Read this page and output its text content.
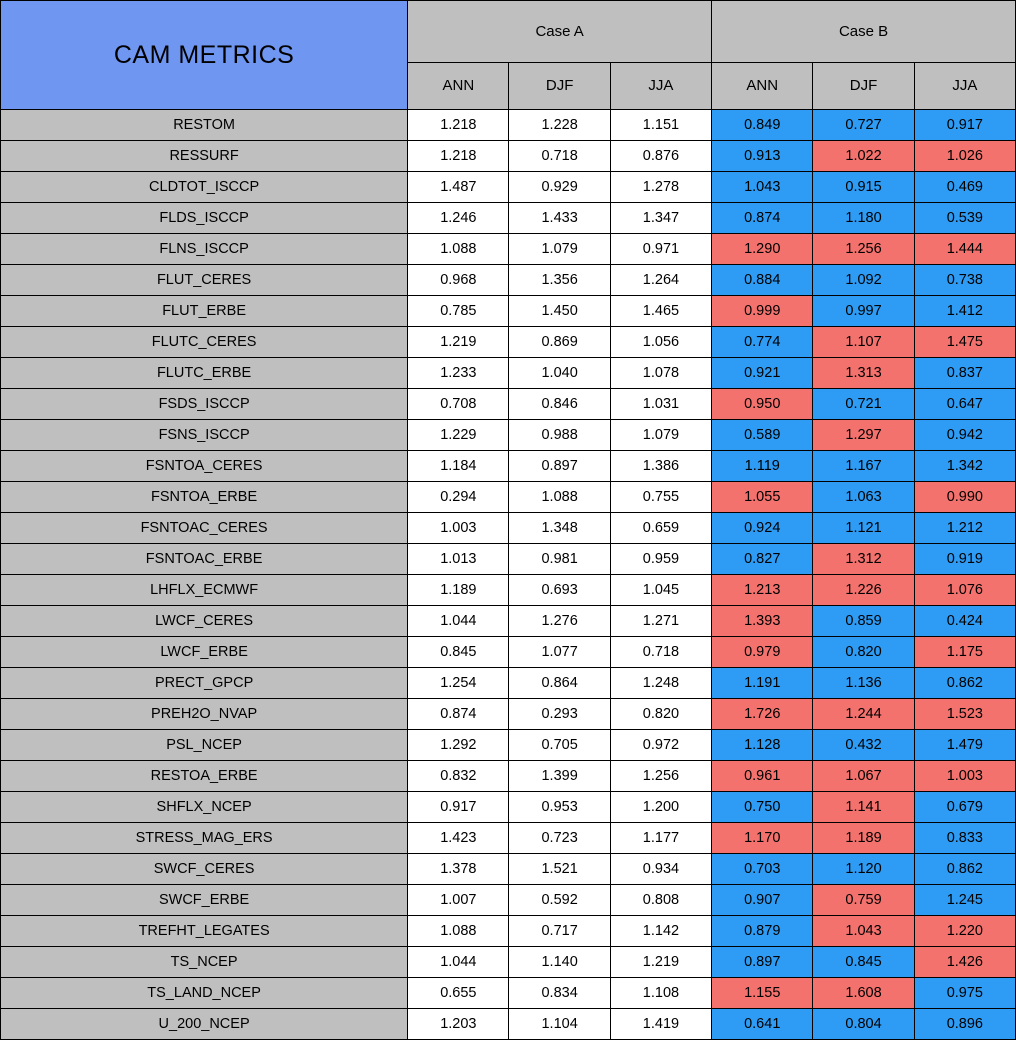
CAM METRICS	Case A			Case B		
	ANN	DJF	JJA	ANN	DJF	JJA
RESTOM	1.218	1.228	1.151	0.849	0.727	0.917
RESSURF	1.218	0.718	0.876	0.913	1.022	1.026
CLDTOT_ISCCP	1.487	0.929	1.278	1.043	0.915	0.469
FLDS_ISCCP	1.246	1.433	1.347	0.874	1.180	0.539
FLNS_ISCCP	1.088	1.079	0.971	1.290	1.256	1.444
FLUT_CERES	0.968	1.356	1.264	0.884	1.092	0.738
FLUT_ERBE	0.785	1.450	1.465	0.999	0.997	1.412
FLUTC_CERES	1.219	0.869	1.056	0.774	1.107	1.475
FLUTC_ERBE	1.233	1.040	1.078	0.921	1.313	0.837
FSDS_ISCCP	0.708	0.846	1.031	0.950	0.721	0.647
FSNS_ISCCP	1.229	0.988	1.079	0.589	1.297	0.942
FSNTOA_CERES	1.184	0.897	1.386	1.119	1.167	1.342
FSNTOA_ERBE	0.294	1.088	0.755	1.055	1.063	0.990
FSNTOAC_CERES	1.003	1.348	0.659	0.924	1.121	1.212
FSNTOAC_ERBE	1.013	0.981	0.959	0.827	1.312	0.919
LHFLX_ECMWF	1.189	0.693	1.045	1.213	1.226	1.076
LWCF_CERES	1.044	1.276	1.271	1.393	0.859	0.424
LWCF_ERBE	0.845	1.077	0.718	0.979	0.820	1.175
PRECT_GPCP	1.254	0.864	1.248	1.191	1.136	0.862
PREH2O_NVAP	0.874	0.293	0.820	1.726	1.244	1.523
PSL_NCEP	1.292	0.705	0.972	1.128	0.432	1.479
RESTOA_ERBE	0.832	1.399	1.256	0.961	1.067	1.003
SHFLX_NCEP	0.917	0.953	1.200	0.750	1.141	0.679
STRESS_MAG_ERS	1.423	0.723	1.177	1.170	1.189	0.833
SWCF_CERES	1.378	1.521	0.934	0.703	1.120	0.862
SWCF_ERBE	1.007	0.592	0.808	0.907	0.759	1.245
TREFHT_LEGATES	1.088	0.717	1.142	0.879	1.043	1.220
TS_NCEP	1.044	1.140	1.219	0.897	0.845	1.426
TS_LAND_NCEP	0.655	0.834	1.108	1.155	1.608	0.975
U_200_NCEP	1.203	1.104	1.419	0.641	0.804	0.896
